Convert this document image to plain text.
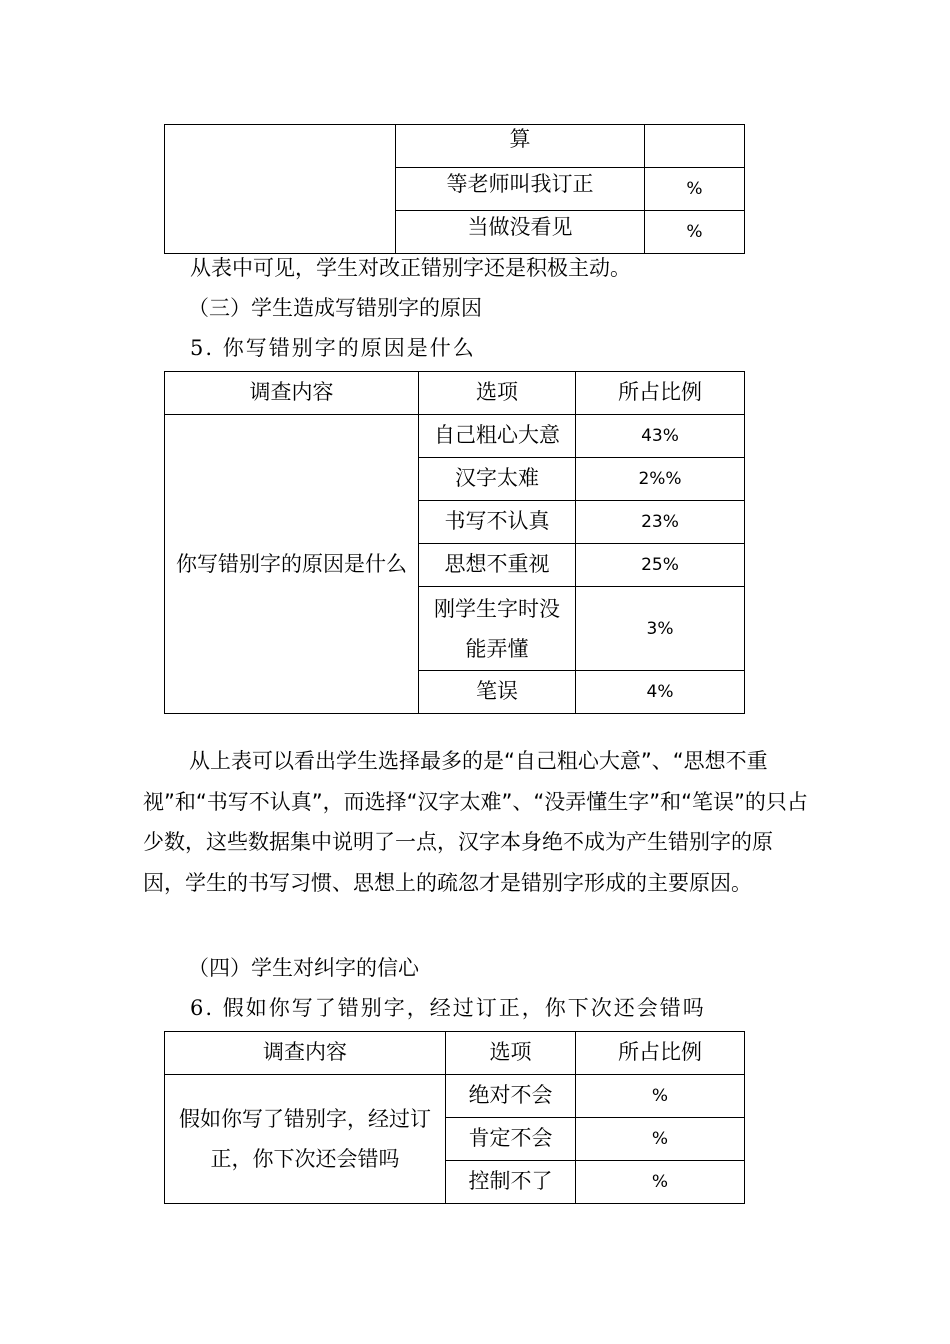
	算	
	等老师叫我订正	%
	当做没看见	%
从表中可见，学生对改正错别字还是积极主动。
（三）学生造成写错别字的原因
5. 你写错别字的原因是什么
调查内容	选项	所占比例
你写错别字的原因是什么	自己粗心大意	43%
	汉字太难	2%%
	书写不认真	23%
	思想不重视	25%
	刚学生字时没能弄懂	3%
	笔误	4%
从上表可以看出学生选择最多的是“自己粗心大意”、“思想不重视”和“书写不认真”，而选择“汉字太难”、“没弄懂生字”和“笔误”的只占少数，这些数据集中说明了一点，汉字本身绝不成为产生错别字的原因，学生的书写习惯、思想上的疏忽才是错别字形成的主要原因。
（四）学生对纠字的信心
6. 假如你写了错别字，经过订正，你下次还会错吗
调查内容	选项	所占比例
假如你写了错别字，经过订正，你下次还会错吗	绝对不会	%
	肯定不会	%
	控制不了	%
